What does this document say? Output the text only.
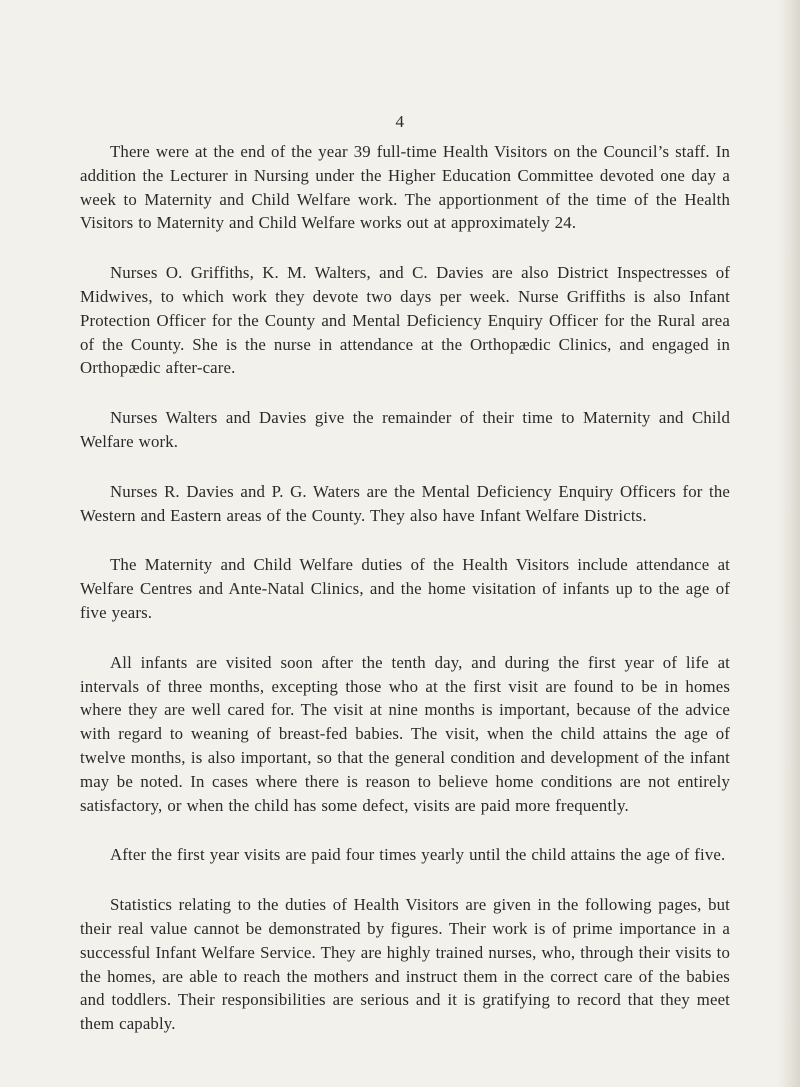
4

There were at the end of the year 39 full-time Health Visitors on the Council’s staff. In addition the Lecturer in Nursing under the Higher Education Committee devoted one day a week to Maternity and Child Welfare work. The apportionment of the time of the Health Visitors to Maternity and Child Welfare works out at approximately 24.

Nurses O. Griffiths, K. M. Walters, and C. Davies are also District Inspectresses of Midwives, to which work they devote two days per week. Nurse Griffiths is also Infant Protection Officer for the County and Mental Deficiency Enquiry Officer for the Rural area of the County. She is the nurse in attendance at the Orthopædic Clinics, and engaged in Orthopædic after-care.

Nurses Walters and Davies give the remainder of their time to Maternity and Child Welfare work.

Nurses R. Davies and P. G. Waters are the Mental Deficiency Enquiry Officers for the Western and Eastern areas of the County. They also have Infant Welfare Districts.

The Maternity and Child Welfare duties of the Health Visitors include attendance at Welfare Centres and Ante-Natal Clinics, and the home visitation of infants up to the age of five years.

All infants are visited soon after the tenth day, and during the first year of life at intervals of three months, excepting those who at the first visit are found to be in homes where they are well cared for. The visit at nine months is important, because of the advice with regard to weaning of breast-fed babies. The visit, when the child attains the age of twelve months, is also important, so that the general condition and development of the infant may be noted. In cases where there is reason to believe home conditions are not entirely satisfactory, or when the child has some defect, visits are paid more frequently.

After the first year visits are paid four times yearly until the child attains the age of five.

Statistics relating to the duties of Health Visitors are given in the following pages, but their real value cannot be demonstrated by figures. Their work is of prime importance in a successful Infant Welfare Service. They are highly trained nurses, who, through their visits to the homes, are able to reach the mothers and instruct them in the correct care of the babies and toddlers. Their responsibilities are serious and it is gratifying to record that they meet them capably.
